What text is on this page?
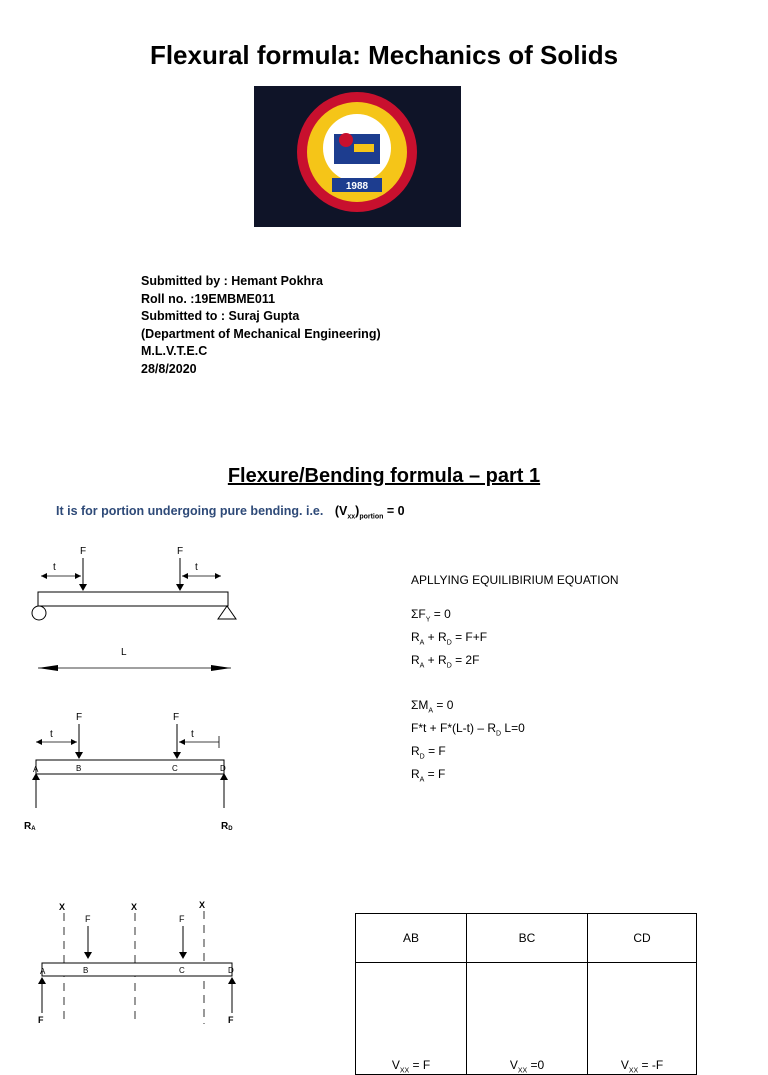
Flexural formula: Mechanics of Solids
1988
Submitted by : Hemant Pokhra
Roll no. :19EMBME011
Submitted to : Suraj Gupta
(Department of Mechanical Engineering)
M.L.V.T.E.C
28/8/2020
Flexure/Bending formula – part 1
It is for portion undergoing pure bending. i.e. $(V_{xx})_{portion} = 0$
F	F
t	t
L
F	F
t	t
A	B	C	D
RA	RD
APLLYING EQUILIBIRIUM EQUATION
$\Sigma F_Y = 0$
$R_A + R_D = F+F$
$R_A + R_D = 2F$
$\Sigma M_A = 0$
$F*t + F*(L-t) - R_D$ L=0
$R_D = F$
$R_A = F$
X	X	X
F	F
A	B	C	D
F	F
AB	BC	CD
$V_{XX} = F$	$V_{XX} =0$	$V_{XX} = -F$
